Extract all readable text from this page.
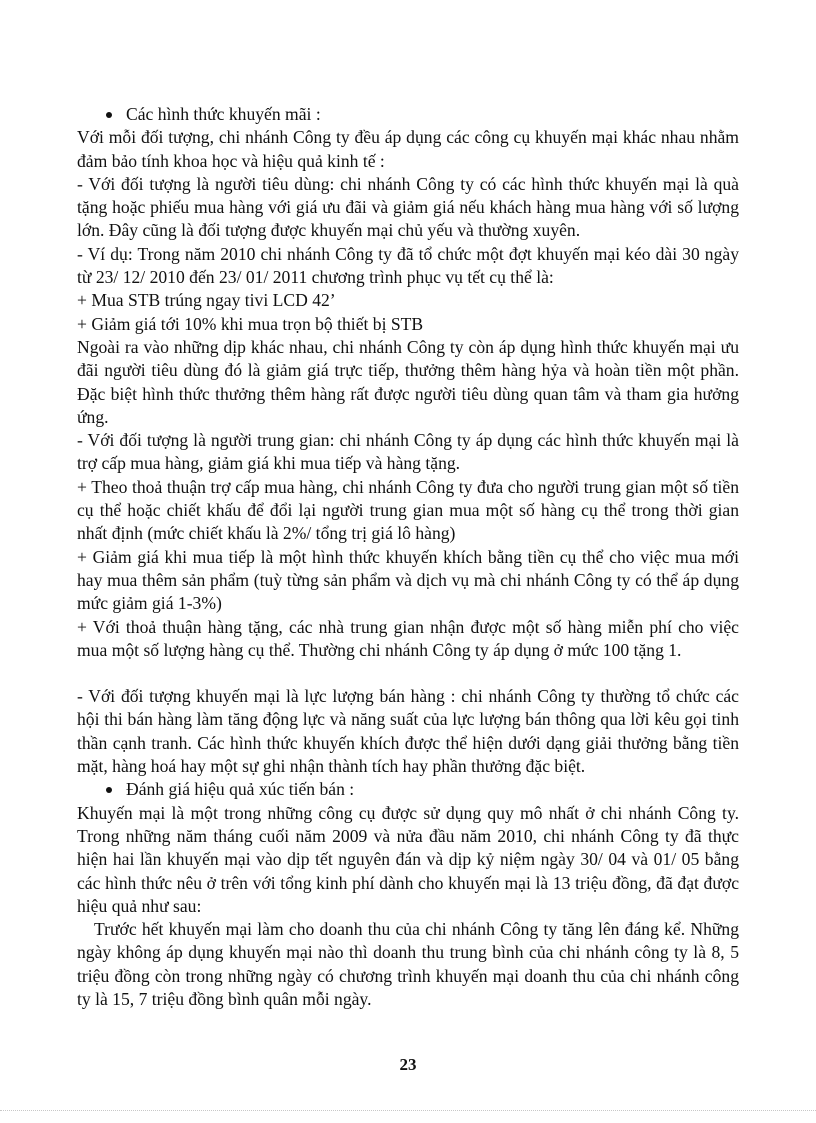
Các hình thức khuyến mãi :

Với mỗi đối tượng, chi nhánh Công ty đều áp dụng các công cụ khuyến mại khác nhau nhằm đảm bảo tính khoa học và hiệu quả kinh tế :

- Với đối tượng là người tiêu dùng: chi nhánh Công ty có các hình thức khuyến mại là quà tặng hoặc phiếu mua hàng với giá ưu đãi và giảm giá nếu khách hàng mua hàng với số lượng lớn. Đây cũng là đối tượng được khuyến mại chủ yếu và thường xuyên.

- Ví dụ: Trong năm 2010 chi nhánh Công ty đã tổ chức một đợt khuyến mại kéo dài 30 ngày từ 23/ 12/ 2010 đến 23/ 01/ 2011 chương trình phục vụ tết cụ thể là:

+ Mua STB trúng ngay tivi LCD 42’

+ Giảm giá tới 10% khi mua trọn bộ thiết bị STB

Ngoài ra vào những dịp khác nhau, chi nhánh Công ty còn áp dụng hình thức khuyến mại ưu đãi người tiêu dùng đó là giảm giá trực tiếp, thưởng thêm hàng hỷa và hoàn tiền một phần. Đặc biệt hình thức thưởng thêm hàng rất được người tiêu dùng quan tâm và tham gia hưởng ứng.

- Với đối tượng là người trung gian: chi nhánh Công ty áp dụng các hình thức khuyến mại là trợ cấp mua hàng, giảm giá khi mua tiếp và hàng tặng.

+ Theo thoả thuận trợ cấp mua hàng, chi nhánh Công ty đưa cho người trung gian một số tiền cụ thể hoặc chiết khấu để đổi lại người trung gian mua một số hàng cụ thể trong thời gian nhất định (mức chiết khấu là 2%/ tổng trị giá lô hàng)

+ Giảm giá khi mua tiếp là một hình thức khuyến khích bằng tiền cụ thể cho việc mua mới hay mua thêm sản phẩm (tuỳ từng sản phẩm và dịch vụ mà chi nhánh Công ty có thể áp dụng mức giảm giá 1-3%)

+ Với thoả thuận hàng tặng, các nhà trung gian nhận được một số hàng miễn phí cho việc mua một số lượng hàng cụ thể. Thường chi nhánh Công ty áp dụng ở mức 100 tặng 1.

- Với đối tượng khuyến mại là lực lượng bán hàng : chi nhánh Công ty thường tổ chức các hội thi bán hàng làm tăng động lực và năng suất của lực lượng bán thông qua lời kêu gọi tinh thần cạnh tranh. Các hình thức khuyến khích được thể hiện dưới dạng giải thưởng bằng tiền mặt, hàng hoá hay một sự ghi nhận thành tích hay phần thưởng đặc biệt.

Đánh giá hiệu quả xúc tiến bán :

Khuyến mại là một trong những công cụ được sử dụng quy mô nhất ở chi nhánh Công ty. Trong những năm tháng cuối năm 2009 và nửa đầu năm 2010, chi nhánh Công ty đã thực hiện hai lần khuyến mại vào dịp tết nguyên đán và dịp kỷ niệm ngày 30/ 04 và 01/ 05 bằng các hình thức nêu ở trên với tổng kinh phí dành cho khuyến mại là 13 triệu đồng, đã đạt được hiệu quả như sau:

Trước hết khuyến mại làm cho doanh thu của chi nhánh Công ty tăng lên đáng kể. Những ngày không áp dụng khuyến mại nào thì doanh thu trung bình của chi nhánh công ty là 8, 5 triệu đồng còn trong những ngày có chương trình khuyến mại doanh thu của chi nhánh công ty là 15, 7 triệu đồng bình quân mỗi ngày.

23
